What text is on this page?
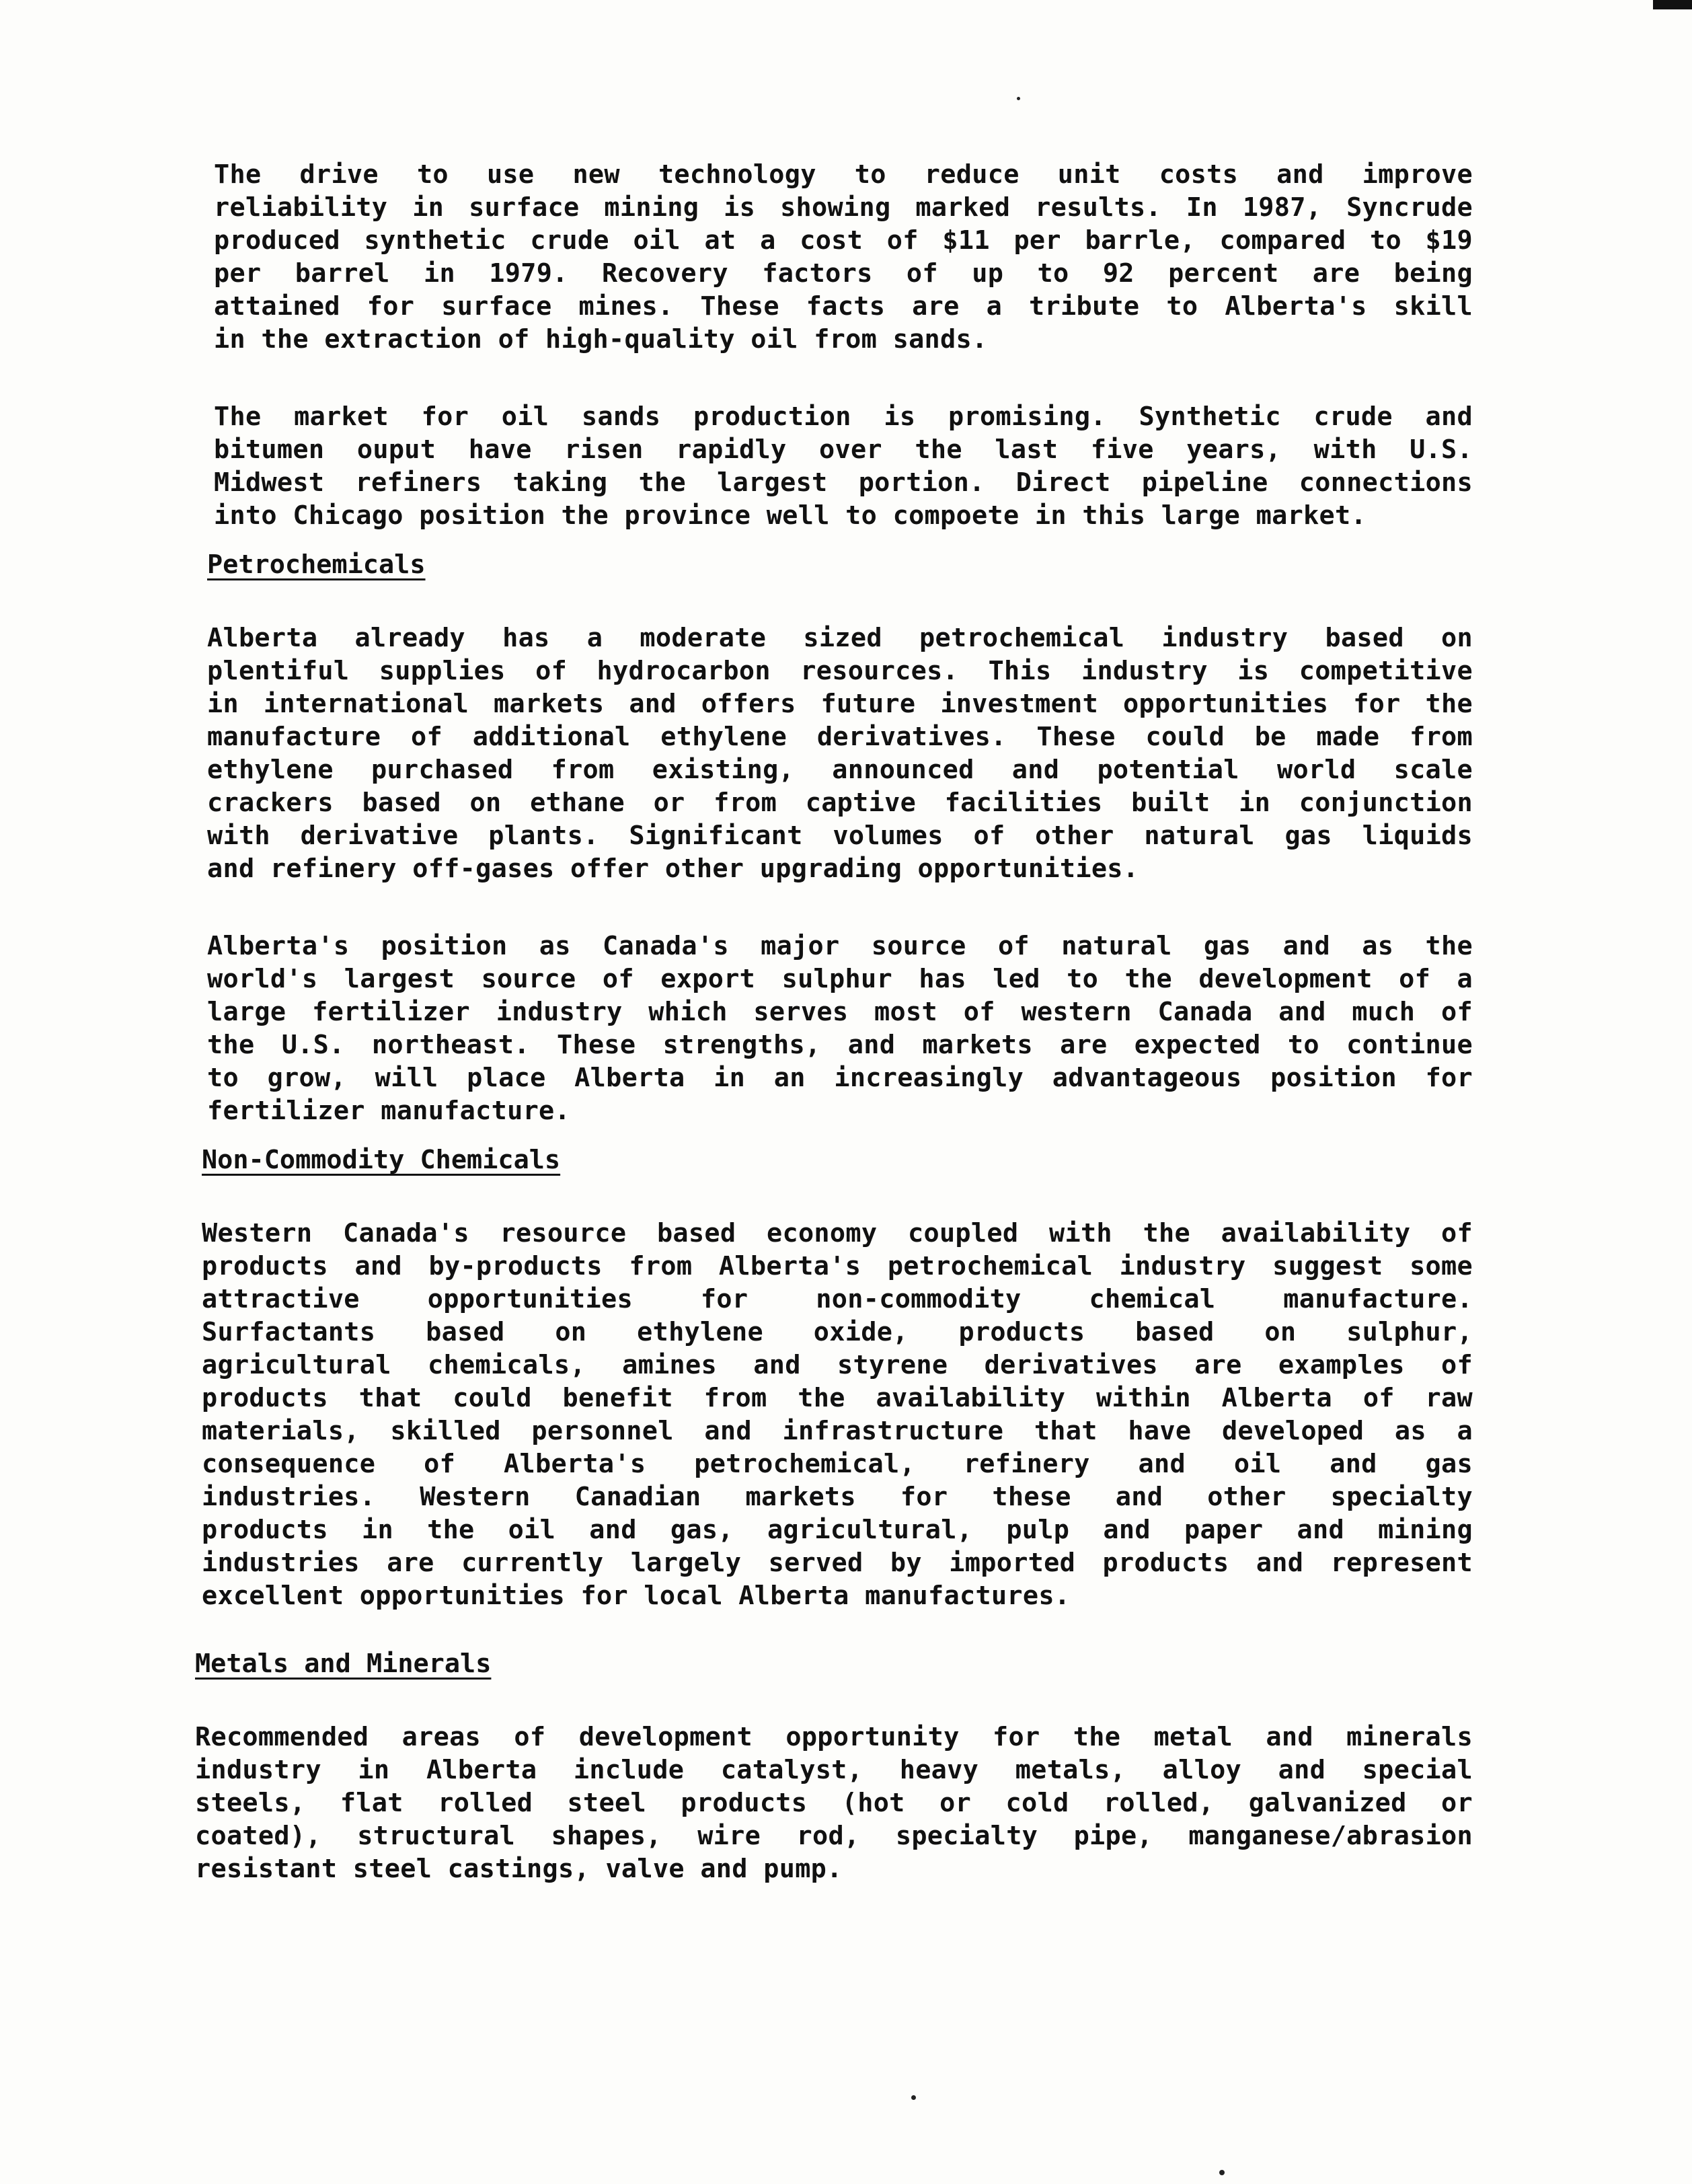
The drive to use new technology to reduce unit costs and improve
reliability in surface mining is showing marked results. In 1987, Syncrude
produced synthetic crude oil at a cost of $11 per barrle, compared to $19
per barrel in 1979. Recovery factors of up to 92 percent are being
attained for surface mines. These facts are a tribute to Alberta's skill
in the extraction of high-quality oil from sands.
The market for oil sands production is promising. Synthetic crude and
bitumen ouput have risen rapidly over the last five years, with U.S.
Midwest refiners taking the largest portion. Direct pipeline connections
into Chicago position the province well to compoete in this large market.
Petrochemicals
Alberta already has a moderate sized petrochemical industry based on
plentiful supplies of hydrocarbon resources. This industry is competitive
in international markets and offers future investment opportunities for the
manufacture of additional ethylene derivatives. These could be made from
ethylene purchased from existing, announced and potential world scale
crackers based on ethane or from captive facilities built in conjunction
with derivative plants. Significant volumes of other natural gas liquids
and refinery off-gases offer other upgrading opportunities.
Alberta's position as Canada's major source of natural gas and as the
world's largest source of export sulphur has led to the development of a
large fertilizer industry which serves most of western Canada and much of
the U.S. northeast. These strengths, and markets are expected to continue
to grow, will place Alberta in an increasingly advantageous position for
fertilizer manufacture.
Non-Commodity Chemicals
Western Canada's resource based economy coupled with the availability of
products and by-products from Alberta's petrochemical industry suggest some
attractive opportunities for non-commodity chemical manufacture.
Surfactants based on ethylene oxide, products based on sulphur,
agricultural chemicals, amines and styrene derivatives are examples of
products that could benefit from the availability within Alberta of raw
materials, skilled personnel and infrastructure that have developed as a
consequence of Alberta's petrochemical, refinery and oil and gas
industries. Western Canadian markets for these and other specialty
products in the oil and gas, agricultural, pulp and paper and mining
industries are currently largely served by imported products and represent
excellent opportunities for local Alberta manufactures.
Metals and Minerals
Recommended areas of development opportunity for the metal and minerals
industry in Alberta include catalyst, heavy metals, alloy and special
steels, flat rolled steel products (hot or cold rolled, galvanized or
coated), structural shapes, wire rod, specialty pipe, manganese/abrasion
resistant steel castings, valve and pump.
